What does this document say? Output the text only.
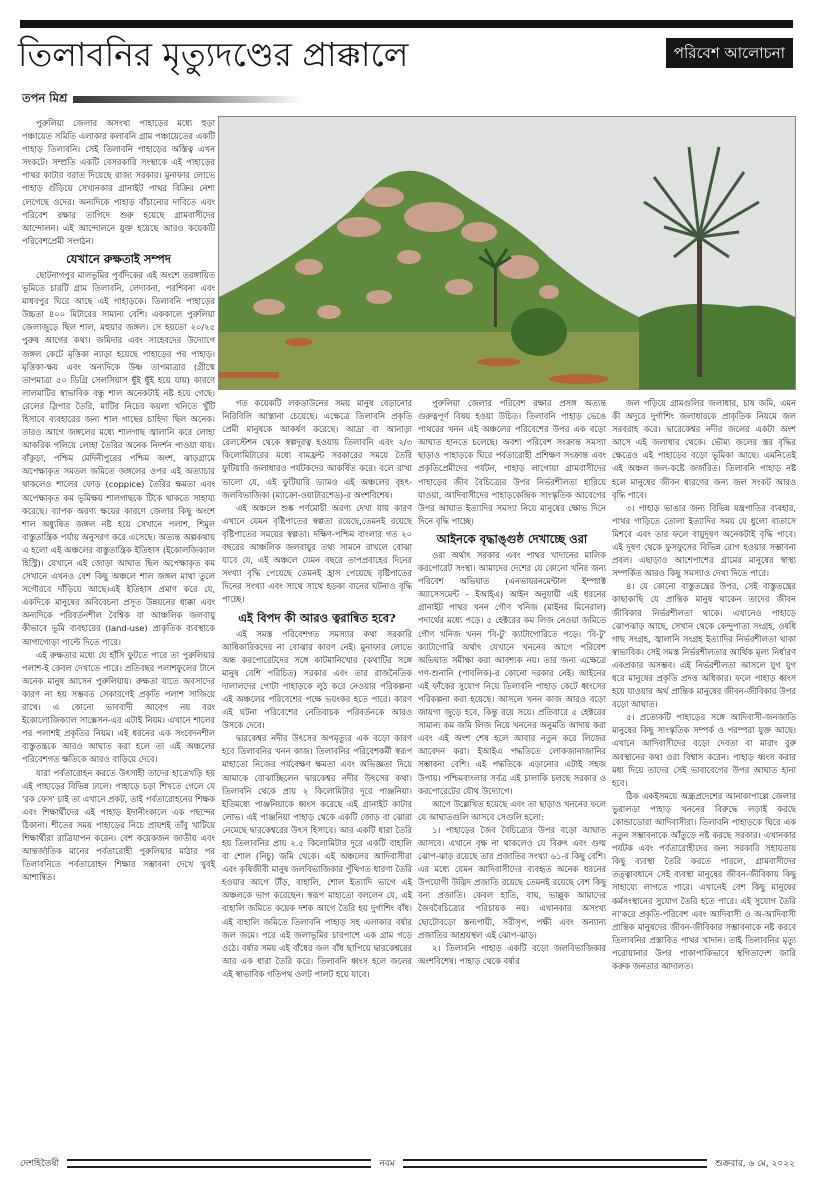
তিলাবনির মৃত্যুদণ্ডের প্রাক্কালে	পরিবেশ আলোচনা
তপন মিশ্র

পুরুলিয়া জেলার অসংখ্য পাহাড়ের মধ্যে হুড়া পঞ্চায়েত সমিতি এলাকার কলাবনি গ্রাম পঞ্চায়েতের একটি পাহাড় তিলাবনি। সেই তিলাবনি পাহাড়ের অস্তিত্ব এখন সংকটে। সম্প্রতি একটি বেসরকারি সংস্থাকে এই পাহাড়ের পাথর কাটার বরাত দিয়েছে রাজ্য সরকার। মুনাফার লোভে পাহাড় গুঁড়িয়ে সেখানকার গ্রানাইট পাথর বিক্রির নেশা লেগেছে ওদের। অন্যদিকে পাহাড় বাঁচানোর দাবিতে এবং পরিবেশ রক্ষার তাগিদে শুরু হয়েছে গ্রামবাসীদের আন্দোলন। এই আন্দোলনে যুক্ত হয়েছে আরও কয়েকটি পরিবেশপ্রেমী সংগঠন।

যেখানে রুক্ষতাই সম্পদ

ছোটনাগপুর মালভূমির পূর্বদিকের এই অংশে তরঙ্গায়িত ভূমিতে চারটি গ্রাম তিলাবনি, লেদাবনা, পরশিবনা এবং মাধবপুর ঘিরে আছে এই পাহাড়কে। তিলাবনি পাহাড়ের উচ্চতা ৪০০ মিটারের সামান্য বেশি। এককালে পুরুলিয়া জেলাজুড়ে ছিল শাল, মহুয়ার জঙ্গল। সে হয়তো ২০/২৫ পুরুষ আগের কথা। জমিদার এবং সাহেবদের উদ্যোগে জঙ্গল কেটে মৃত্তিকা ন্যাড়া হয়েছে পাহাড়ের পর পাহাড়। মৃত্তিকা-ক্ষয় এবং অন্যদিকে উষ্ণ তাপমাত্রার (গ্রীষ্মে তাপমাত্রা ৫০ ডিগ্রি সেলসিয়াস ছুঁই ছুঁই হয়ে যায়) কারণে লালমাটির স্বাভাবিক বন্ধু শাল অনেকটাই নষ্ট হয়ে গেছে। রেলের স্লিপার তৈরি, মাটির নিচের কয়লা খনিতে খুঁটি হিসাবে ব্যবহারের জন্য শাল গাছের চাহিদা ছিল অনেক। তারও আগে জঙ্গলের মধ্যে শালগাছ জ্বালানি করে লোহা আকরিক গলিয়ে লোহা তৈরির অনেক নিদর্শন পাওয়া যায়। বাঁকুড়া, পশ্চিম মেদিনীপুরের পশ্চিম অংশ, ঝাড়গ্রামে অপেক্ষাকৃত সমতল জমিতে জঙ্গলের ওপর এই অত্যাচার থাকলেও শালের ফোড় (coppice) তৈরির ক্ষমতা এবং অপেক্ষাকৃত কম ভূমিক্ষয় শালগাছকে টিকে থাকতে সাহায্য করেছে। ব্যাপক অরণ্য ক্ষয়ের কারণে জেলার কিছু অংশে শাল অধ্যুষিত জঙ্গল নষ্ট হয়ে সেখানে পলাশ, শিমুল বাস্তুতান্ত্রিক পর্যায় অনুসরণ করে এসেছে। অত্যন্ত অল্পকথায় এ হলো এই অঞ্চলের বাস্তুতান্ত্রিক ইতিহাস (ইকোলজিক্যাল হিস্ট্রি)। যেখানে এই জোড়া আঘাত ছিল অপেক্ষাকৃত কম সেখানে এখনও বেশ কিছু অঞ্চলে শাল জঙ্গল মাথা তুলে সগৌরবে দাঁড়িয়ে আছে।এই ইতিহাস প্রমাণ করে যে, একদিকে মানুষের অবিবেচনা প্রসূত উন্নয়নের ধাক্কা এবং অন্যদিকে পরিবর্তনশীল বৈশ্বিক বা আঞ্চলিক জলবায়ু কীভাবে ভূমি ব্যবহারের (land-use) প্রাকৃতিক ব্যবস্থাকে আগাগোড়া পাল্টে দিতে পারে।

এই রুক্ষতার মধ্যে যে হাঁসি ফুটতে পারে তা পুরুলিয়ার পলাশ-ই কেবল দেখাতে পারে। প্রতিবছর পলাশফুলের টানে অনেক মানুষ আসেন পুরুলিয়ায়। রুক্ষতা যাতে অবসাদের কারণ না হয় সম্ভবত সেকারণেই প্রকৃতি পলাশ সাজিয়ে রাখে। এ কোনো ভাববাদী আবেগ নয় বরং ইকোলোজিক্যাল সাক্সেসন-এর এটাই নিয়ম। এখানে শালের পর পলাশই প্রকৃতির নিয়ম। এই ধরনের এক সংবেদনশীল বাস্তুতন্ত্রকে আরও আঘাত করা হলে তা এই অঞ্চলের পরিবেশগত ক্ষতিকে আরও বাড়িয়ে দেবে।

যারা পর্বতারোহন করতে উৎসাহী তাদের হাতেখড়ি হয় এই পাহাড়ের বিভিন্ন ঢালে। পাহাড়ে চড়া শিখতে গেলে যে 'রক ফেস' চাই তা এখানে প্রকট, তাই পর্বতারোহনের শিক্ষক এবং শিক্ষার্থীদের এই পাহাড় ইদানীংকালে এক পছন্দের ঠিকানা। শীতের সময় পাহাড়ের নিচে প্রায়শই তাঁবু খাটিয়ে শিক্ষার্থীরা রাত্রিযাপন করেন। বেশ কয়েকজন জাতীয় এবং আন্তর্জাতিক মানের পর্বতারোহী পুরুলিয়ার মাঠার পর তিলাবনিতে পর্বতারোহন শিক্ষার সম্ভাবনা দেখে খুবই আশান্বিত।

গত কয়েকটি লকডাউনের সময় মানুষ বেড়ানোর নিরিবিলি আস্তানা চেয়েছে। এক্ষেত্রে তিলাবনি প্রকৃতি প্রেমী মানুষকে আকর্ষণ করেছে। আদ্রা বা আনাড়া রেলস্টেশন থেকে স্বল্পদূরত্ব হওয়ায় তিলাবনি এবং ২/৩ কিলোমিটারের মধ্যে বামফ্রন্ট সরকারের সময়ে তৈরি ফুটিয়ারি জলাধারও পর্যটকদের আকর্ষিত করে। বলে রাখা ভালো যে, এই ফুটিয়ারি ড্যামও এই অঞ্চলের বৃহৎ-জলবিভাজিকা (ম্যাক্রো-ওয়াটারশেড)-র অংশবিশেষ।

এই অঞ্চলে শুষ্ক পর্ণমোচী অরণ্য দেখা যায় কারণ এখানে যেমন বৃষ্টিপাতের স্বল্পতা রয়েছে,তেমনই রয়েছে বৃষ্টিপাতের সময়ের স্বল্পতা। দক্ষিণ-পশ্চিম বাংলার গত ২০ বছরের আঞ্চলিক জলবায়ুর তথ্য সামনে রাখলে বোঝা যাবে যে, এই অঞ্চলে যেমন বছরে তাপপ্রবাহের দিনের সংখ্যা বৃদ্ধি পেয়েছে তেমনই হ্রাস পেয়েছে বৃষ্টিপাতের দিনের সংখ্যা এবং সাথে সাথে হড়কা বানের ঘটনাও বৃদ্ধি পাচ্ছে।

এই বিপদ কী আরও ত্বরান্বিত হবে?

এই সমস্ত পরিবেশগত সমস্যার কথা সরকারি আধিকারিকদের না বোঝার কারণ নেই। মুনাফার লোভে অন্ধ করপোরেটদের সঙ্গে কাটমানিখোর (কথাটির সঙ্গে মানুষ বেশি পরিচিত) সরকার এবং তার রাজনৈতিক দালালদের গোটা পাহাড়কে লুঠ করে নেওয়ার পরিকল্পনা এই অঞ্চলের পরিবেশের পক্ষে ভয়ংকর হতে পারে। কারণ এই ঘটনা পরিবেশের নেতিবাচক পরিবর্তনকে আরও উসকে দেবে।

দ্বারকেশ্বর নদীর উৎসের অপমৃত্যুর এক বড়ো কারণ হবে তিলাবনির খনন কাজ। তিলাবনির পরিবেশকর্মী স্বরূপ মাহাতো নিজের পর্যবেক্ষণ ক্ষমতা এবং অভিজ্ঞতা দিয়ে আমাকে বোঝাচ্ছিলেন দ্বারকেশ্বর নদীর উৎসের কথা। তিলাবনি থেকে প্রায় ২ কিলোমিটার দূরে পাঞ্জনিয়া। ইতিমধ্যে পাঞ্জনিয়াকে ধ্বংস করেছে এই গ্রানাইট কাটার লোভ। এই পাঞ্জনিয়া পাহাড় থেকে একটি জোড় বা ঝোরা নেমেছে দ্বারকেশ্বরের উৎস হিসাবে। আর একটি ধারা তৈরি হয় তিলাবনির প্রায় ২.৫ কিলোমিটার দূরে একটি বাহালি বা শোল (নিচু) জমি থেকে। এই অঞ্চলের আদিবাসীরা এবং কৃষিজীবী মানুষ জলবিভাজিকার পুঁথিগত ধারণা তৈরি হওয়ার আগে টাঁড়, বাহালি, শোল ইত্যাদি ভাগে এই অঞ্চলকে ভাগ করেছেন। স্বরূপ মাহাতো বললেন যে, এই বাহালি জমিতে কয়েক দশক আগে তৈরি হয় দুর্গাশিং বাঁধ। এই বাহালি জমিতে তিলাবনি পাহাড় সহ এলাকার বর্ষার জল জমে। পরে এই জলাভূমির চারপাশে এক গ্রাম গড়ে ওঠে। বর্ষার সময় এই বাঁধের জল বাঁধ ছাপিয়ে দ্বারকেশ্বরের আর এক ধারা তৈরি করে। তিলাবনি ধ্বংস হলে জলের এই স্বাভাবিক গতিপথ ওলট পালট হয়ে যাবে।

পুরুলিয়া জেলার পরিবেশ রক্ষার প্রসঙ্গ অত্যন্ত গুরুত্বপূর্ণ বিষয় হওয়া উচিত। তিলাবনি পাহাড় ভেঙে পাথরের খনন এই অঞ্চলের পরিবেশের উপর এক বড়ো আঘাত হানতে চলেছে। অবশ্য পরিবেশ সংক্রান্ত সমস্যা ছাড়াও পাহাড়কে ঘিরে পর্বতারোহী প্রশিক্ষণ সংক্রান্ত এবং প্রকৃতিপ্রেমীদের পর্যটন, পাহাড় লাগোয়া গ্রামবাসীদের পাহাড়ের জীব বৈচিত্র্যের উপর নির্ভরশীলতা হারিয়ে যাওয়া, আদিবাসীদের পাহাড়কেন্দ্রিক সাংস্কৃতিক আবেগের উপর আঘাত ইত্যাদির সমস্যা নিয়ে মানুষের ক্ষোভ দিনে দিনে বৃদ্ধি পাচ্ছে।

আইনকে বৃদ্ধাঙ্গুষ্ঠ দেখাচ্ছে ওরা

ওরা অর্থাৎ সরকার এবং পাথর খাদানের মালিক করপোরেট সংস্থা। আমাদের দেশের যে কোনো খনির জন্য পরিবেশ অভিঘাত (এনভায়রনমেন্টাল ইম্প্যাক্ট অ্যাসেসমেন্ট – ইআইএ) আইন অনুযায়ী এই ধরনের গ্রানাইট পাথর খনন গৌণ খনিজ (মাইনর মিনেরাল) পদার্থের মধ্যে পড়ে। ৫ হেক্টরের কম লিজ নেওয়া জমিতে গৌণ খনিজ খনন 'বি-টু' ক্যাটাগোরিতে পড়ে। 'বি-টু' ক্যাটাগোরি অর্থাৎ যেখানে খননের আগে পরিবেশ অভিঘাত সমীক্ষা করা আবশ্যক নয়। তার জন্য এক্ষেত্রে গণ-শুনানি (পাবলিক)-র কোনো দরকার নেই। আইনের এই ফাঁকের সুযোগ নিয়ে তিলাবনি পাহাড় কেটে ধ্বংসের পরিকল্পনা করা হয়েছে। আসলে খনন কাজ আরও বড়ো জায়গা জুড়ে হবে, কিন্তু রয়ে সয়ে। প্রতিবারে ৫ হেক্টরের সামান্য কম জমি লিজ নিয়ে খননের অনুমতি আদায় করা এবং এই অংশ শেষ হলে আবার নতুন করে লিজের আবেদন করা। ইআইএ পদ্ধতিতে লোকজানাজানির সম্ভাবনা বেশি। এই পদ্ধতিকে এড়ানোর এটাই সহজ উপায়। পশ্চিমবাংলার সর্বত্র এই চালাকি চলছে সরকার ও করপোরেটের যৌথ উদ্যোগে।

আগে উল্লেখিত হয়েছে এবং তা ছাড়াও খননের ফলে যে আঘাতগুলি আসবে সেগুলি হলো:

১। পাহাড়ের জৈব বৈচিত্র্যের উপর বড়ো আঘাত আসবে। এখানে বৃক্ষ না থাকলেও যে বিরুৎ এবং গুল্ম ঝোপ-ঝাড় রয়েছে তার প্রজাতির সংখ্যা ৬১-র কিছু বেশি। এর মধ্যে যেমন আদিবাসীদের ব্যবহৃত অনেক ধরনের উপযোগী উদ্ভিদ প্রজাতি রয়েছে তেমনই রয়েছে বেশ কিছু বন্য প্রজাতি। কেবল হাতি, বাঘ, ভাল্লুক আমাদের জৈববৈচিত্র্যের পরিচায়ক নয়। এখানকার অসংখ্য ছোটোবড়ো স্তন্যপায়ী, সরীসৃপ, পক্ষী এবং অন্যান্য প্রজাতির আশ্রয়স্থল এই ঝোপ-ঝাড়।

২। তিলাবনি পাহাড় একটি বড়ো জলবিভাজিকার অংশবিশেষ। পাহাড় থেকে বর্ষার

জল গড়িয়ে গ্রামগুলির জলাধার, চাষ জমি, এমন কী অদূরে দুর্গাশিং জলাধারকে প্রাকৃতিক নিয়মে জল সরবরাহ করে। দ্বারেকেশ্বর নদীর জলের একটা অংশ আসে এই জলাধার থেকে। ভৌম্য জলের স্তর বৃদ্ধির ক্ষেত্রেও এই পাহাড়ের বড়ো ভূমিকা আছে। এমনিতেই এই অঞ্চল জল-কষ্টে জর্জরিত। তিলাবনি পাহাড় নষ্ট হলে মানুষের জীবন ধারণের জন্য জল সংকট আরও বৃদ্ধি পাবে।

৩। পাহাড় ভাঙার জন্য বিভিন্ন যন্ত্রপাতির ব্যবহার, পাথর গাড়িতে তোলা ইত্যাদির সময় যে ধুলো বাতাসে মিশবে এবং তার ফলে বায়ুদূষণ অনেকটাই বৃদ্ধি পাবে। এই দূষণ থেকে ফুসফুসের বিভিন্ন রোগ হওয়ার সম্ভাবনা প্রবল। এছাড়াও আশেপাশের গ্রামের মানুষের স্বাস্থ্য সম্পর্কিত আরও কিছু সমস্যাও দেখা দিতে পারে।

৪। যে কোনো বাস্তুতন্ত্রের উপর, সেই বাস্তুতন্ত্রের কাছাকাছি যে প্রান্তিক মানুষ থাকেন তাদের জীবন জীবিকার নির্ভরশীলতা থাকে। এখানেও পাহাড়ে ঝোপঝাড় আছে, সেখান থেকে কেন্দুপাতা সংগ্রহ, ওষধি গাছ সংগ্রহ, জ্বালানি সংগ্রহ ইত্যাদির নির্ভরশীলতা থাকা স্বাভাবিক। সেই সমস্ত নির্ভরশীলতার আর্থিক মূল্য নির্ধারণ একপ্রকার অসম্ভব। এই নির্ভরশীলতা আসলে যুগ যুগ ধরে মানুষের প্রকৃতি প্রদত্ত অধিকার। ফলে পাহাড় ধ্বংস হয়ে যাওয়ার অর্থ প্রান্তিক মানুষের জীবন-জীবিকার উপর বড়ো আঘাত।

৫। প্রত্যেকটি পাহাড়ের সঙ্গে আদিবাসী-জনজাতি মানুষের কিছু সাংস্কৃতিক সম্পর্ক ও পরম্পরা যুক্ত আছে। এখানে আদিবাসীদের বড়ো দেবতা বা মারাং বুরু অবস্থানের কথা ওরা বিশ্বাস করেন। পাহাড় ধ্বংস করার মধ্য দিয়ে তাদের সেই ভাবাবেগের উপর আঘাত হানা হবে।

ঠিক একইসময়ে অন্ধ্রপ্রদেশের আনাকাপাল্লে জেলার ভুরালডা পাহাড় খননের বিরুদ্ধে লড়াই করছে কোন্ডাডোরা আদিবাসীরা। তিলাবনি পাহাড়কে ঘিরে এক নতুন সম্ভাবনাকে আঁতুড়ে নষ্ট করছে সরকার। এখানকার পর্যটক এবং পর্বতারোহীদের জন্য সরকারি সহায়তায় কিছু ব্যবস্থা তৈরি করতে পারলে, গ্রামবাসীদের তত্ত্বাবধানে সেই ব্যবস্থা মানুষের জীবন-জীবিকায় কিছু সাহায্যে লাগতে পারে। এখানেই বেশ কিছু মানুষের কর্মসংস্থানের সুযোগ তৈরি হতে পারে। এই সুযোগ তৈরি না'করে প্রকৃতি-পরিবেশ এবং আদিবাসী ও অ-আদিবাসী প্রান্তিক মানুষদের জীবন-জীবিকার সম্ভাবনাকে নষ্ট করবে তিলাবনির প্রস্তাবিত পাথর খাদান। তাই তিলাবনির মৃত্যু পরোয়ানার উপর পাকাপাকিভাবে স্থগিতাদেশ জারি করুক জনতার আদালত।

দেশহিতৈষী	নবম	শুক্রবার, ৬ মে, ২০২২
